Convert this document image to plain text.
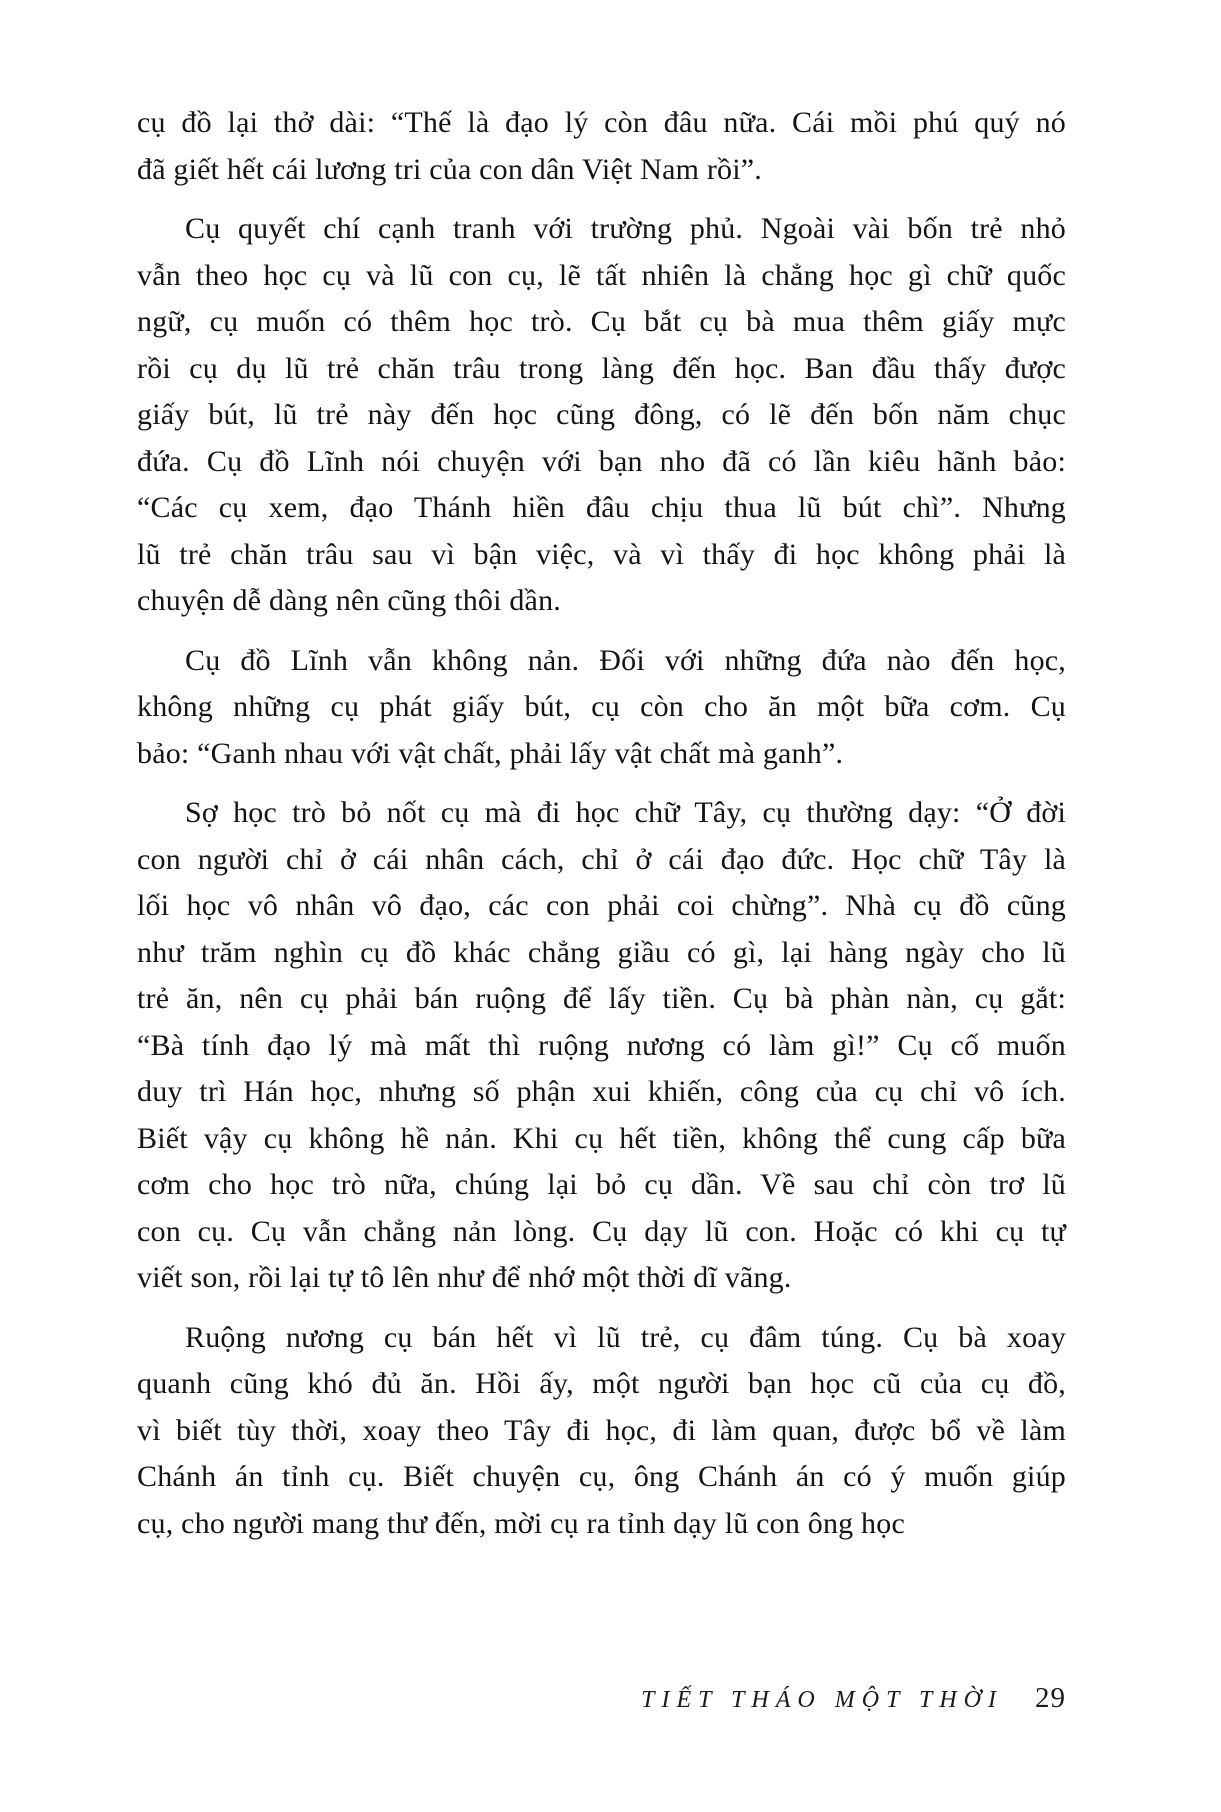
cụ đồ lại thở dài: “Thế là đạo lý còn đâu nữa. Cái mồi phú quý nó
đã giết hết cái lương tri của con dân Việt Nam rồi”.
Cụ quyết chí cạnh tranh với trường phủ. Ngoài vài bốn trẻ nhỏ
vẫn theo học cụ và lũ con cụ, lẽ tất nhiên là chẳng học gì chữ quốc
ngữ, cụ muốn có thêm học trò. Cụ bắt cụ bà mua thêm giấy mực
rồi cụ dụ lũ trẻ chăn trâu trong làng đến học. Ban đầu thấy được
giấy bút, lũ trẻ này đến học cũng đông, có lẽ đến bốn năm chục
đứa. Cụ đồ Lĩnh nói chuyện với bạn nho đã có lần kiêu hãnh bảo:
“Các cụ xem, đạo Thánh hiền đâu chịu thua lũ bút chì”. Nhưng
lũ trẻ chăn trâu sau vì bận việc, và vì thấy đi học không phải là
chuyện dễ dàng nên cũng thôi dần.
Cụ đồ Lĩnh vẫn không nản. Đối với những đứa nào đến học,
không những cụ phát giấy bút, cụ còn cho ăn một bữa cơm. Cụ
bảo: “Ganh nhau với vật chất, phải lấy vật chất mà ganh”.
Sợ học trò bỏ nốt cụ mà đi học chữ Tây, cụ thường dạy: “Ở đời
con người chỉ ở cái nhân cách, chỉ ở cái đạo đức. Học chữ Tây là
lối học vô nhân vô đạo, các con phải coi chừng”. Nhà cụ đồ cũng
như trăm nghìn cụ đồ khác chẳng giầu có gì, lại hàng ngày cho lũ
trẻ ăn, nên cụ phải bán ruộng để lấy tiền. Cụ bà phàn nàn, cụ gắt:
“Bà tính đạo lý mà mất thì ruộng nương có làm gì!” Cụ cố muốn
duy trì Hán học, nhưng số phận xui khiến, công của cụ chỉ vô ích.
Biết vậy cụ không hề nản. Khi cụ hết tiền, không thể cung cấp bữa
cơm cho học trò nữa, chúng lại bỏ cụ dần. Về sau chỉ còn trơ lũ
con cụ. Cụ vẫn chẳng nản lòng. Cụ dạy lũ con. Hoặc có khi cụ tự
viết son, rồi lại tự tô lên như để nhớ một thời dĩ vãng.
Ruộng nương cụ bán hết vì lũ trẻ, cụ đâm túng. Cụ bà xoay
quanh cũng khó đủ ăn. Hồi ấy, một người bạn học cũ của cụ đồ,
vì biết tùy thời, xoay theo Tây đi học, đi làm quan, được bổ về làm
Chánh án tỉnh cụ. Biết chuyện cụ, ông Chánh án có ý muốn giúp
cụ, cho người mang thư đến, mời cụ ra tỉnh dạy lũ con ông học
TIẾT THÁO MỘT THỜI 29
